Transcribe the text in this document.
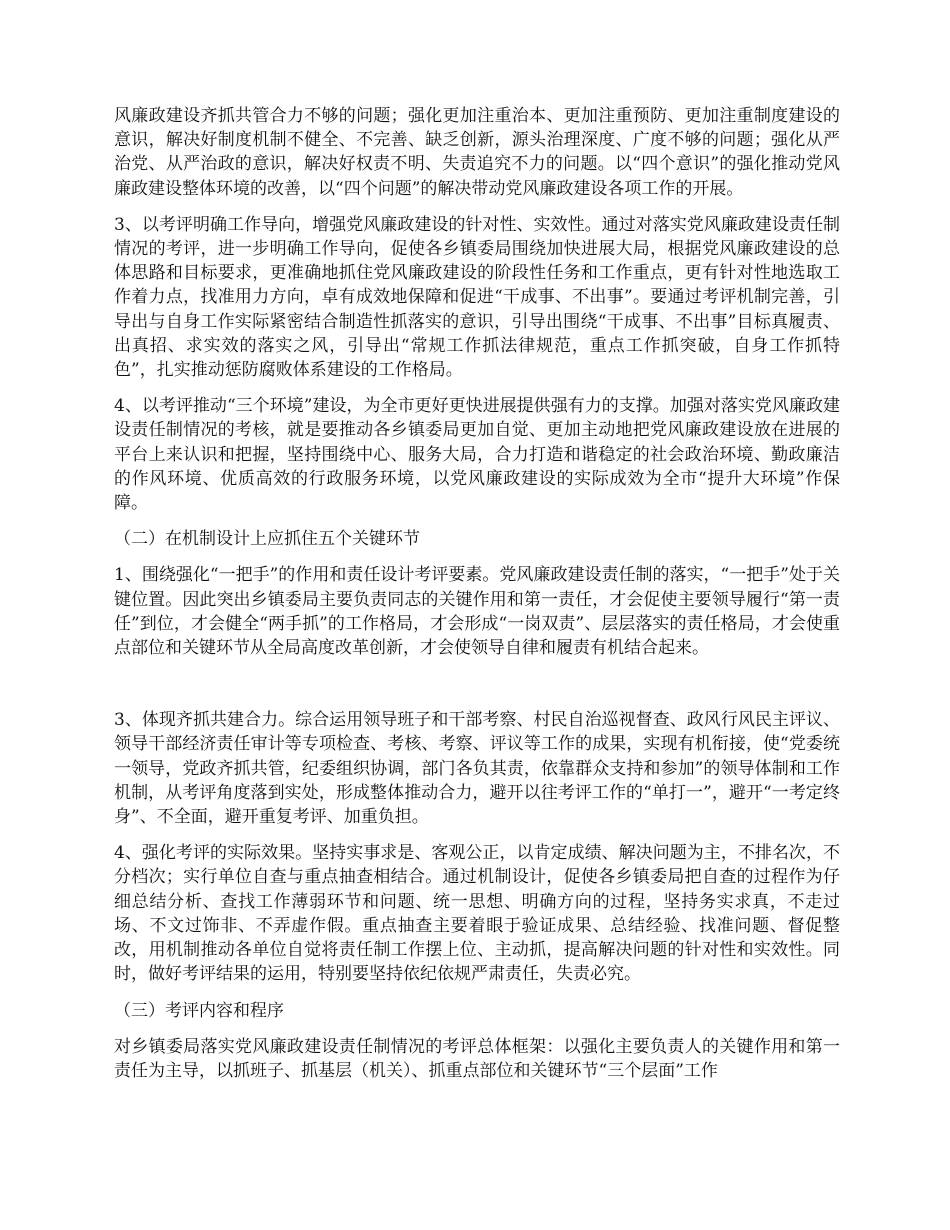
风廉政建设齐抓共管合力不够的问题；强化更加注重治本、更加注重预防、更加注重制度建设的意识，解决好制度机制不健全、不完善、缺乏创新，源头治理深度、广度不够的问题；强化从严治党、从严治政的意识，解决好权责不明、失责追究不力的问题。以“四个意识”的强化推动党风廉政建设整体环境的改善，以“四个问题”的解决带动党风廉政建设各项工作的开展。

3、以考评明确工作导向，增强党风廉政建设的针对性、实效性。通过对落实党风廉政建设责任制情况的考评，进一步明确工作导向，促使各乡镇委局围绕加快进展大局，根据党风廉政建设的总体思路和目标要求，更准确地抓住党风廉政建设的阶段性任务和工作重点，更有针对性地选取工作着力点，找准用力方向，卓有成效地保障和促进“干成事、不出事”。要通过考评机制完善，引导出与自身工作实际紧密结合制造性抓落实的意识，引导出围绕“干成事、不出事”目标真履责、出真招、求实效的落实之风，引导出“常规工作抓法律规范，重点工作抓突破，自身工作抓特色”，扎实推动惩防腐败体系建设的工作格局。

4、以考评推动“三个环境”建设，为全市更好更快进展提供强有力的支撑。加强对落实党风廉政建设责任制情况的考核，就是要推动各乡镇委局更加自觉、更加主动地把党风廉政建设放在进展的平台上来认识和把握，坚持围绕中心、服务大局，合力打造和谐稳定的社会政治环境、勤政廉洁的作风环境、优质高效的行政服务环境，以党风廉政建设的实际成效为全市“提升大环境”作保障。

（二）在机制设计上应抓住五个关键环节

1、围绕强化“一把手”的作用和责任设计考评要素。党风廉政建设责任制的落实，“一把手”处于关键位置。因此突出乡镇委局主要负责同志的关键作用和第一责任，才会促使主要领导履行“第一责任”到位，才会健全“两手抓”的工作格局，才会形成“一岗双责”、层层落实的责任格局，才会使重点部位和关键环节从全局高度改革创新，才会使领导自律和履责有机结合起来。

3、体现齐抓共建合力。综合运用领导班子和干部考察、村民自治巡视督查、政风行风民主评议、领导干部经济责任审计等专项检查、考核、考察、评议等工作的成果，实现有机衔接，使“党委统一领导，党政齐抓共管，纪委组织协调，部门各负其责，依靠群众支持和参加”的领导体制和工作机制，从考评角度落到实处，形成整体推动合力，避开以往考评工作的“单打一”，避开“一考定终身”、不全面，避开重复考评、加重负担。

4、强化考评的实际效果。坚持实事求是、客观公正，以肯定成绩、解决问题为主，不排名次，不分档次；实行单位自查与重点抽查相结合。通过机制设计，促使各乡镇委局把自查的过程作为仔细总结分析、查找工作薄弱环节和问题、统一思想、明确方向的过程，坚持务实求真，不走过场、不文过饰非、不弄虚作假。重点抽查主要着眼于验证成果、总结经验、找准问题、督促整改，用机制推动各单位自觉将责任制工作摆上位、主动抓，提高解决问题的针对性和实效性。同时，做好考评结果的运用，特别要坚持依纪依规严肃责任，失责必究。

（三）考评内容和程序

对乡镇委局落实党风廉政建设责任制情况的考评总体框架：以强化主要负责人的关键作用和第一责任为主导，以抓班子、抓基层（机关）、抓重点部位和关键环节“三个层面”工作
